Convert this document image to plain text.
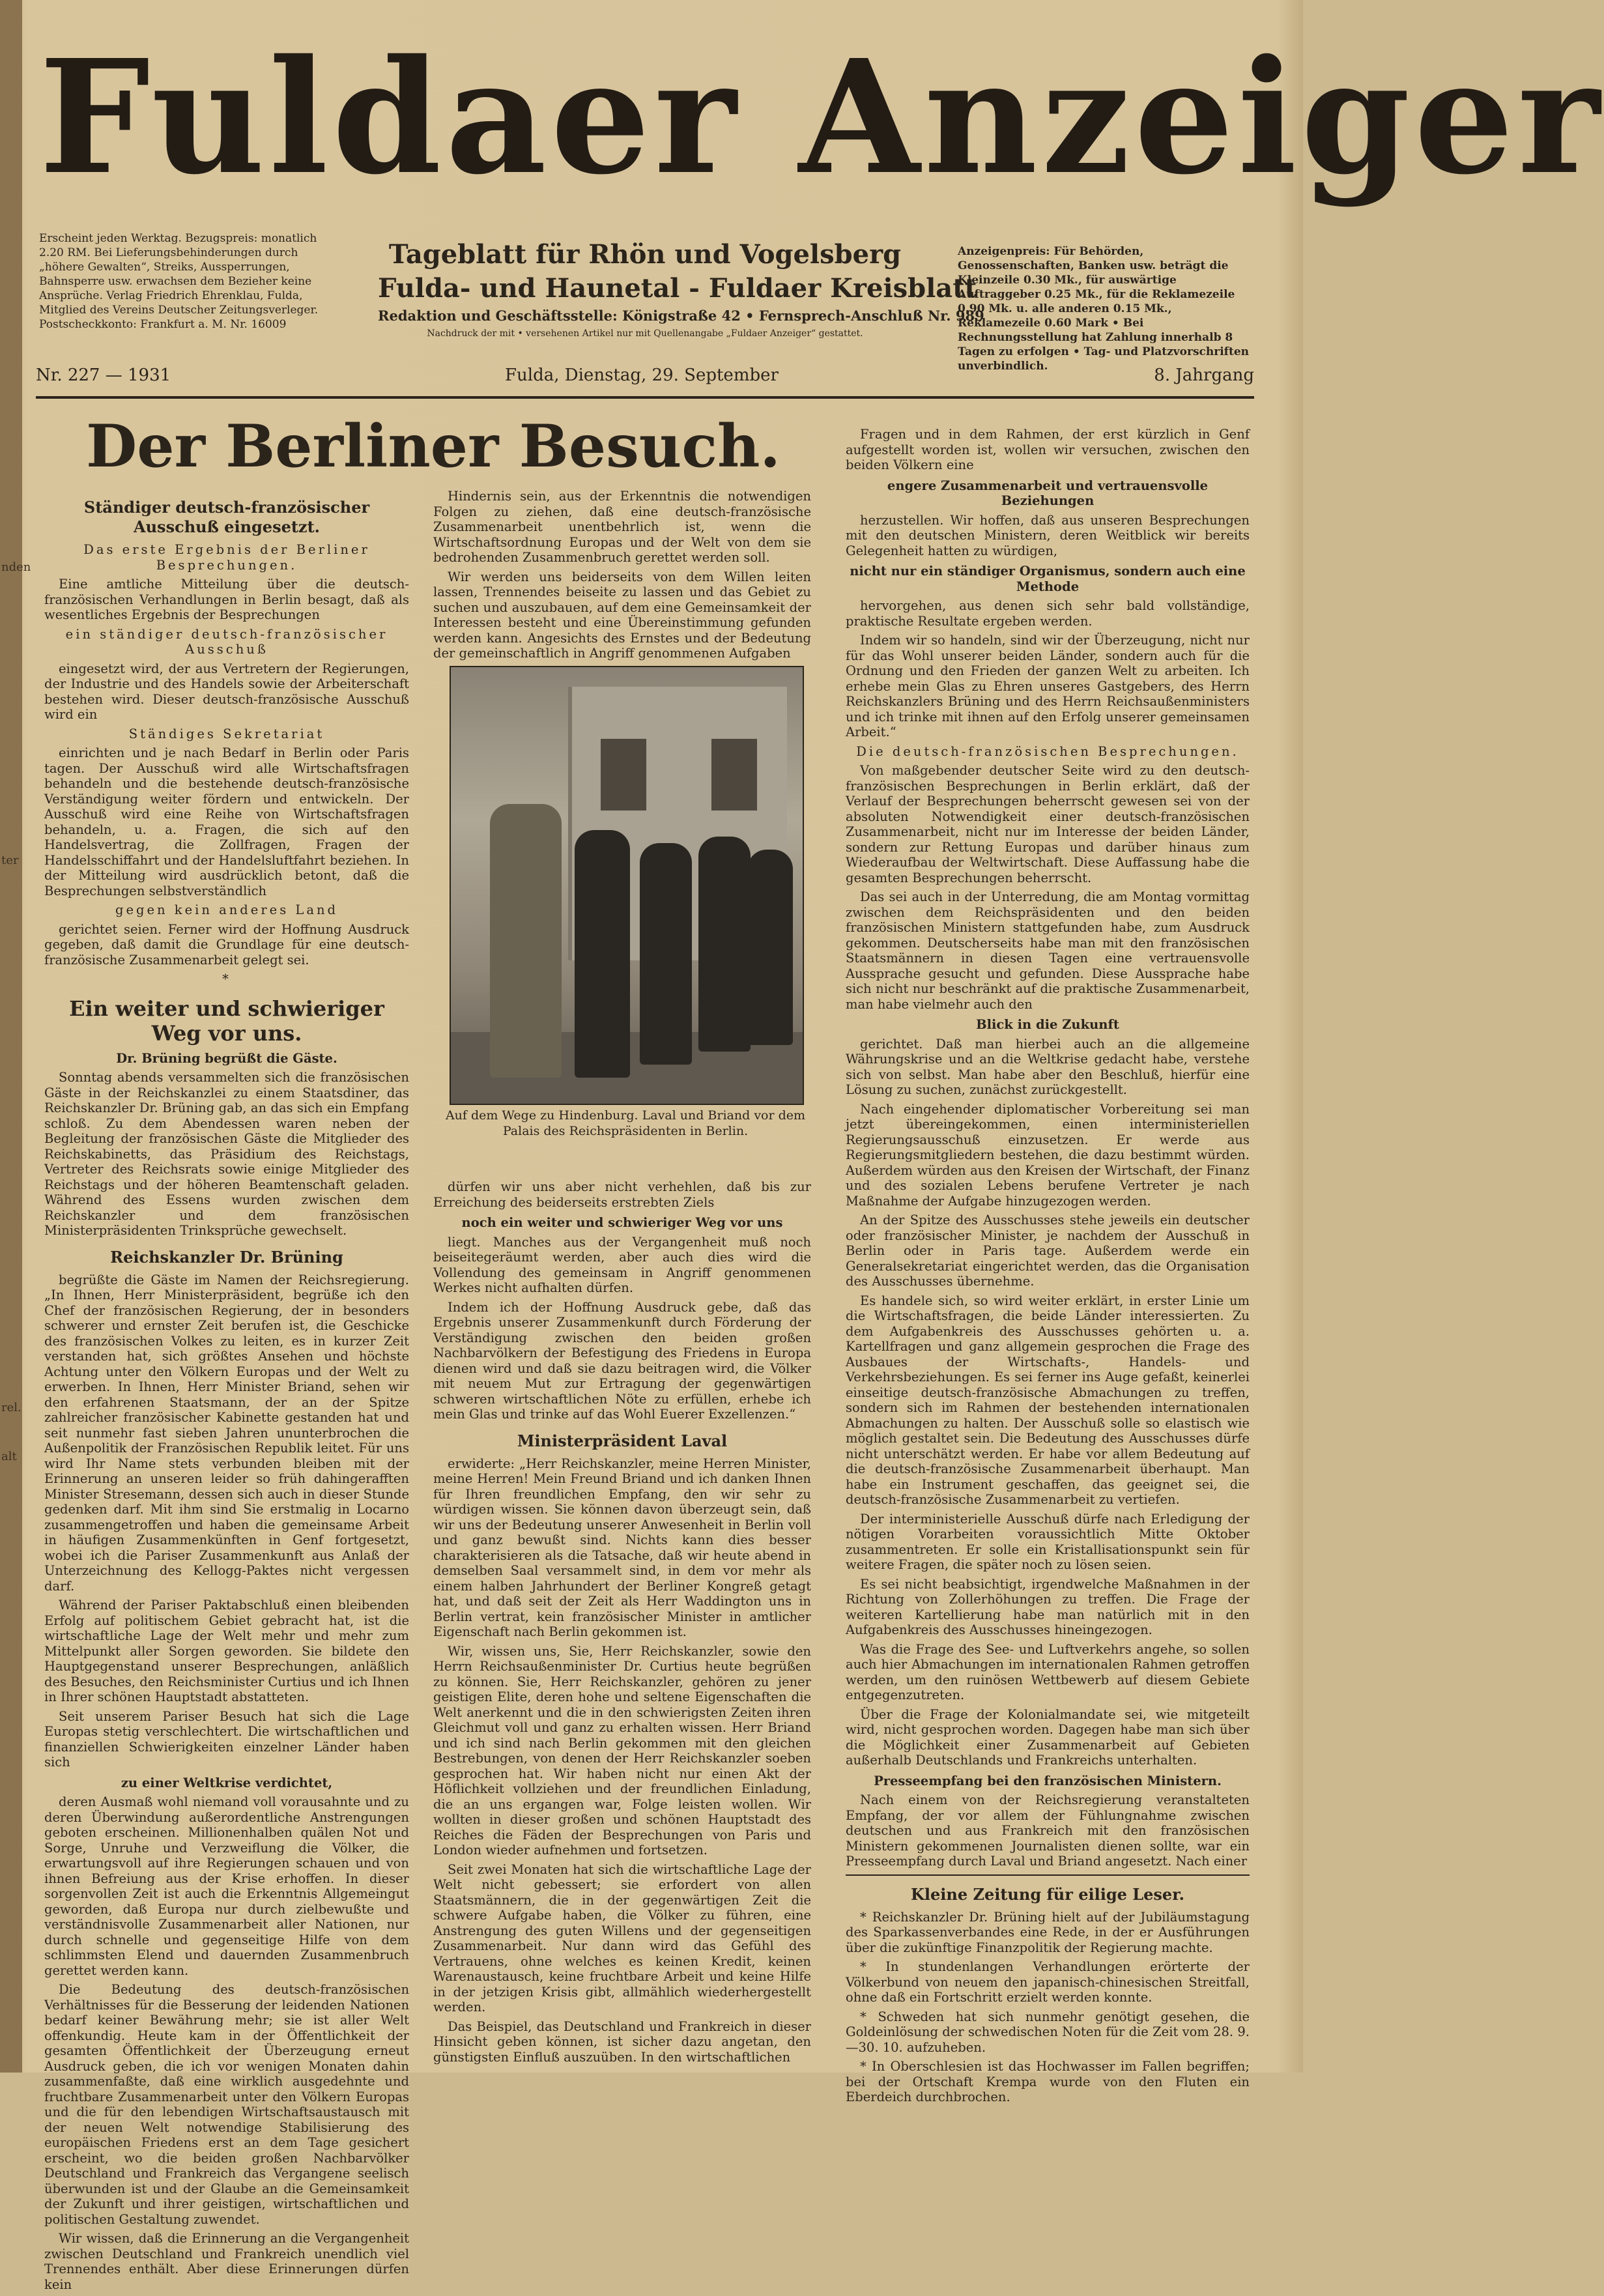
nden
ter
rel.
alt
Fuldaer Anzeiger
Erscheint jeden Werktag. Bezugspreis: monatlich 2.20 RM. Bei Lieferungsbehinderungen durch „höhere Gewalten“, Streiks, Aussperrungen, Bahnsperre usw. erwachsen dem Bezieher keine Ansprüche. Verlag Friedrich Ehrenklau, Fulda, Mitglied des Vereins Deutscher Zeitungsverleger. Postscheckkonto: Frankfurt a. M. Nr. 16009
Tageblatt für Rhön und Vogelsberg
Fulda- und Haunetal - Fuldaer Kreisblatt
Redaktion und Geschäftsstelle: Königstraße 42 • Fernsprech-Anschluß Nr. 989
Nachdruck der mit • versehenen Artikel nur mit Quellenangabe „Fuldaer Anzeiger“ gestattet.
Anzeigenpreis: Für Behörden, Genossenschaften, Banken usw. beträgt die Kleinzeile 0.30 Mk., für auswärtige Auftraggeber 0.25 Mk., für die Reklamezeile 0.90 Mk. u. alle anderen 0.15 Mk., Reklamezeile 0.60 Mark • Bei Rechnungsstellung hat Zahlung innerhalb 8 Tagen zu erfolgen • Tag- und Platzvorschriften unverbindlich.
Nr. 227 — 1931	Fulda, Dienstag, 29. September	8. Jahrgang
Der Berliner Besuch.
Ständiger deutsch-französischer Ausschuß eingesetzt.
Das erste Ergebnis der Berliner Besprechungen.

Eine amtliche Mitteilung über die deutsch-französischen Verhandlungen in Berlin besagt, daß als wesentliches Ergebnis der Besprechungen

ein ständiger deutsch-französischer Ausschuß

eingesetzt wird, der aus Vertretern der Regierungen, der Industrie und des Handels sowie der Arbeiterschaft bestehen wird. Dieser deutsch-französische Ausschuß wird ein

Ständiges Sekretariat

einrichten und je nach Bedarf in Berlin oder Paris tagen. Der Ausschuß wird alle Wirtschaftsfragen behandeln und die bestehende deutsch-französische Verständigung weiter fördern und entwickeln. Der Ausschuß wird eine Reihe von Wirtschaftsfragen behandeln, u. a. Fragen, die sich auf den Handelsvertrag, die Zollfragen, Fragen der Handelsschiffahrt und der Handelsluftfahrt beziehen. In der Mitteilung wird ausdrücklich betont, daß die Besprechungen selbstverständlich

gegen kein anderes Land

gerichtet seien. Ferner wird der Hoffnung Ausdruck gegeben, daß damit die Grundlage für eine deutsch-französische Zusammenarbeit gelegt sei.

*
Ein weiter und schwieriger Weg vor uns.
Dr. Brüning begrüßt die Gäste.

Sonntag abends versammelten sich die französischen Gäste in der Reichskanzlei zu einem Staatsdiner, das Reichskanzler Dr. Brüning gab, an das sich ein Empfang schloß. Zu dem Abendessen waren neben der Begleitung der französischen Gäste die Mitglieder des Reichskabinetts, das Präsidium des Reichstags, Vertreter des Reichsrats sowie einige Mitglieder des Reichstags und der höheren Beamtenschaft geladen. Während des Essens wurden zwischen dem Reichskanzler und dem französischen Ministerpräsidenten Trinksprüche gewechselt.

Reichskanzler Dr. Brüning

begrüßte die Gäste im Namen der Reichsregierung. „In Ihnen, Herr Ministerpräsident, begrüße ich den Chef der französischen Regierung, der in besonders schwerer und ernster Zeit berufen ist, die Geschicke des französischen Volkes zu leiten, es in kurzer Zeit verstanden hat, sich größtes Ansehen und höchste Achtung unter den Völkern Europas und der Welt zu erwerben. In Ihnen, Herr Minister Briand, sehen wir den erfahrenen Staatsmann, der an der Spitze zahlreicher französischer Kabinette gestanden hat und seit nunmehr fast sieben Jahren ununterbrochen die Außenpolitik der Französischen Republik leitet. Für uns wird Ihr Name stets verbunden bleiben mit der Erinnerung an unseren leider so früh dahingerafften Minister Stresemann, dessen sich auch in dieser Stunde gedenken darf. Mit ihm sind Sie erstmalig in Locarno zusammengetroffen und haben die gemeinsame Arbeit in häufigen Zusammenkünften in Genf fortgesetzt, wobei ich die Pariser Zusammenkunft aus Anlaß der Unterzeichnung des Kellogg-Paktes nicht vergessen darf.

Während der Pariser Paktabschluß einen bleibenden Erfolg auf politischem Gebiet gebracht hat, ist die wirtschaftliche Lage der Welt mehr und mehr zum Mittelpunkt aller Sorgen geworden. Sie bildete den Hauptgegenstand unserer Besprechungen, anläßlich des Besuches, den Reichsminister Curtius und ich Ihnen in Ihrer schönen Hauptstadt abstatteten.

Seit unserem Pariser Besuch hat sich die Lage Europas stetig verschlechtert. Die wirtschaftlichen und finanziellen Schwierigkeiten einzelner Länder haben sich

zu einer Weltkrise verdichtet,

deren Ausmaß wohl niemand voll vorausahnte und zu deren Überwindung außerordentliche Anstrengungen geboten erscheinen. Millionenhalben quälen Not und Sorge, Unruhe und Verzweiflung die Völker, die erwartungsvoll auf ihre Regierungen schauen und von ihnen Befreiung aus der Krise erhoffen. In dieser sorgenvollen Zeit ist auch die Erkenntnis Allgemeingut geworden, daß Europa nur durch zielbewußte und verständnisvolle Zusammenarbeit aller Nationen, nur durch schnelle und gegenseitige Hilfe von dem schlimmsten Elend und dauernden Zusammenbruch gerettet werden kann.

Die Bedeutung des deutsch-französischen Verhältnisses für die Besserung der leidenden Nationen bedarf keiner Bewährung mehr; sie ist aller Welt offenkundig. Heute kam in der Öffentlichkeit der gesamten Öffentlichkeit der Überzeugung erneut Ausdruck geben, die ich vor wenigen Monaten dahin zusammenfaßte, daß eine wirklich ausgedehnte und fruchtbare Zusammenarbeit unter den Völkern Europas und die für den lebendigen Wirtschaftsaustausch mit der neuen Welt notwendige Stabilisierung des europäischen Friedens erst an dem Tage gesichert erscheint, wo die beiden großen Nachbarvölker Deutschland und Frankreich das Vergangene seelisch überwunden ist und der Glaube an die Gemeinsamkeit der Zukunft und ihrer geistigen, wirtschaftlichen und politischen Gestaltung zuwendet.

Wir wissen, daß die Erinnerung an die Vergangenheit zwischen Deutschland und Frankreich unendlich viel Trennendes enthält. Aber diese Erinnerungen dürfen kein

Hindernis sein, aus der Erkenntnis die notwendigen Folgen zu ziehen, daß eine deutsch-französische Zusammenarbeit unentbehrlich ist, wenn die Wirtschaftsordnung Europas und der Welt von dem sie bedrohenden Zusammenbruch gerettet werden soll.

Wir werden uns beiderseits von dem Willen leiten lassen, Trennendes beiseite zu lassen und das Gebiet zu suchen und auszubauen, auf dem eine Gemeinsamkeit der Interessen besteht und eine Übereinstimmung gefunden werden kann. Angesichts des Ernstes und der Bedeutung der gemeinschaftlich in Angriff genommenen Aufgaben

Auf dem Wege zu Hindenburg. Laval und Briand vor dem Palais des Reichspräsidenten in Berlin.

dürfen wir uns aber nicht verhehlen, daß bis zur Erreichung des beiderseits erstrebten Ziels

noch ein weiter und schwieriger Weg vor uns

liegt. Manches aus der Vergangenheit muß noch beiseitegeräumt werden, aber auch dies wird die Vollendung des gemeinsam in Angriff genommenen Werkes nicht aufhalten dürfen.

Indem ich der Hoffnung Ausdruck gebe, daß das Ergebnis unserer Zusammenkunft durch Förderung der Verständigung zwischen den beiden großen Nachbarvölkern der Befestigung des Friedens in Europa dienen wird und daß sie dazu beitragen wird, die Völker mit neuem Mut zur Ertragung der gegenwärtigen schweren wirtschaftlichen Nöte zu erfüllen, erhebe ich mein Glas und trinke auf das Wohl Euerer Exzellenzen.“

Ministerpräsident Laval

erwiderte: „Herr Reichskanzler, meine Herren Minister, meine Herren! Mein Freund Briand und ich danken Ihnen für Ihren freundlichen Empfang, den wir sehr zu würdigen wissen. Sie können davon überzeugt sein, daß wir uns der Bedeutung unserer Anwesenheit in Berlin voll und ganz bewußt sind. Nichts kann dies besser charakterisieren als die Tatsache, daß wir heute abend in demselben Saal versammelt sind, in dem vor mehr als einem halben Jahrhundert der Berliner Kongreß getagt hat, und daß seit der Zeit als Herr Waddington uns in Berlin vertrat, kein französischer Minister in amtlicher Eigenschaft nach Berlin gekommen ist.

Wir, wissen uns, Sie, Herr Reichskanzler, sowie den Herrn Reichsaußenminister Dr. Curtius heute begrüßen zu können. Sie, Herr Reichskanzler, gehören zu jener geistigen Elite, deren hohe und seltene Eigenschaften die Welt anerkennt und die in den schwierigsten Zeiten ihren Gleichmut voll und ganz zu erhalten wissen. Herr Briand und ich sind nach Berlin gekommen mit den gleichen Bestrebungen, von denen der Herr Reichskanzler soeben gesprochen hat. Wir haben nicht nur einen Akt der Höflichkeit vollziehen und der freundlichen Einladung, die an uns ergangen war, Folge leisten wollen. Wir wollten in dieser großen und schönen Hauptstadt des Reiches die Fäden der Besprechungen von Paris und London wieder aufnehmen und fortsetzen.

Seit zwei Monaten hat sich die wirtschaftliche Lage der Welt nicht gebessert; sie erfordert von allen Staatsmännern, die in der gegenwärtigen Zeit die schwere Aufgabe haben, die Völker zu führen, eine Anstrengung des guten Willens und der gegenseitigen Zusammenarbeit. Nur dann wird das Gefühl des Vertrauens, ohne welches es keinen Kredit, keinen Warenaustausch, keine fruchtbare Arbeit und keine Hilfe in der jetzigen Krisis gibt, allmählich wiederhergestellt werden.

Das Beispiel, das Deutschland und Frankreich in dieser Hinsicht geben können, ist sicher dazu angetan, den günstigsten Einfluß auszuüben. In den wirtschaftlichen

Fragen und in dem Rahmen, der erst kürzlich in Genf aufgestellt worden ist, wollen wir versuchen, zwischen den beiden Völkern eine

engere Zusammenarbeit und vertrauensvolle Beziehungen

herzustellen. Wir hoffen, daß aus unseren Besprechungen mit den deutschen Ministern, deren Weitblick wir bereits Gelegenheit hatten zu würdigen,

nicht nur ein ständiger Organismus, sondern auch eine Methode

hervorgehen, aus denen sich sehr bald vollständige, praktische Resultate ergeben werden.

Indem wir so handeln, sind wir der Überzeugung, nicht nur für das Wohl unserer beiden Länder, sondern auch für die Ordnung und den Frieden der ganzen Welt zu arbeiten. Ich erhebe mein Glas zu Ehren unseres Gastgebers, des Herrn Reichskanzlers Brüning und des Herrn Reichsaußenministers und ich trinke mit ihnen auf den Erfolg unserer gemeinsamen Arbeit.“

Die deutsch-französischen Besprechungen.

Von maßgebender deutscher Seite wird zu den deutsch-französischen Besprechungen in Berlin erklärt, daß der Verlauf der Besprechungen beherrscht gewesen sei von der absoluten Notwendigkeit einer deutsch-französischen Zusammenarbeit, nicht nur im Interesse der beiden Länder, sondern zur Rettung Europas und darüber hinaus zum Wiederaufbau der Weltwirtschaft. Diese Auffassung habe die gesamten Besprechungen beherrscht.

Das sei auch in der Unterredung, die am Montag vormittag zwischen dem Reichspräsidenten und den beiden französischen Ministern stattgefunden habe, zum Ausdruck gekommen. Deutscherseits habe man mit den französischen Staatsmännern in diesen Tagen eine vertrauensvolle Aussprache gesucht und gefunden. Diese Aussprache habe sich nicht nur beschränkt auf die praktische Zusammenarbeit, man habe vielmehr auch den

Blick in die Zukunft

gerichtet. Daß man hierbei auch an die allgemeine Währungskrise und an die Weltkrise gedacht habe, verstehe sich von selbst. Man habe aber den Beschluß, hierfür eine Lösung zu suchen, zunächst zurückgestellt.

Nach eingehender diplomatischer Vorbereitung sei man jetzt übereingekommen, einen interministeriellen Regierungsausschuß einzusetzen. Er werde aus Regierungsmitgliedern bestehen, die dazu bestimmt würden. Außerdem würden aus den Kreisen der Wirtschaft, der Finanz und des sozialen Lebens berufene Vertreter je nach Maßnahme der Aufgabe hinzugezogen werden.

An der Spitze des Ausschusses stehe jeweils ein deutscher oder französischer Minister, je nachdem der Ausschuß in Berlin oder in Paris tage. Außerdem werde ein Generalsekretariat eingerichtet werden, das die Organisation des Ausschusses übernehme.

Es handele sich, so wird weiter erklärt, in erster Linie um die Wirtschaftsfragen, die beide Länder interessierten. Zu dem Aufgabenkreis des Ausschusses gehörten u. a. Kartellfragen und ganz allgemein gesprochen die Frage des Ausbaues der Wirtschafts-, Handels- und Verkehrsbeziehungen. Es sei ferner ins Auge gefaßt, keinerlei einseitige deutsch-französische Abmachungen zu treffen, sondern sich im Rahmen der bestehenden internationalen Abmachungen zu halten. Der Ausschuß solle so elastisch wie möglich gestaltet sein. Die Bedeutung des Ausschusses dürfe nicht unterschätzt werden. Er habe vor allem Bedeutung auf die deutsch-französische Zusammenarbeit überhaupt. Man habe ein Instrument geschaffen, das geeignet sei, die deutsch-französische Zusammenarbeit zu vertiefen.

Der interministerielle Ausschuß dürfe nach Erledigung der nötigen Vorarbeiten voraussichtlich Mitte Oktober zusammentreten. Er solle ein Kristallisationspunkt sein für weitere Fragen, die später noch zu lösen seien.

Es sei nicht beabsichtigt, irgendwelche Maßnahmen in der Richtung von Zollerhöhungen zu treffen. Die Frage der weiteren Kartellierung habe man natürlich mit in den Aufgabenkreis des Ausschusses hineingezogen.

Was die Frage des See- und Luftverkehrs angehe, so sollen auch hier Abmachungen im internationalen Rahmen getroffen werden, um den ruinösen Wettbewerb auf diesem Gebiete entgegenzutreten.

Über die Frage der Kolonialmandate sei, wie mitgeteilt wird, nicht gesprochen worden. Dagegen habe man sich über die Möglichkeit einer Zusammenarbeit auf Gebieten außerhalb Deutschlands und Frankreichs unterhalten.

Presseempfang bei den französischen Ministern.

Nach einem von der Reichsregierung veranstalteten Empfang, der vor allem der Fühlungnahme zwischen deutschen und aus Frankreich mit den französischen Ministern gekommenen Journalisten dienen sollte, war ein Presseempfang durch Laval und Briand angesetzt. Nach einer

Kleine Zeitung für eilige Leser.

* Reichskanzler Dr. Brüning hielt auf der Jubiläumstagung des Sparkassenverbandes eine Rede, in der er Ausführungen über die zukünftige Finanzpolitik der Regierung machte.

* In stundenlangen Verhandlungen erörterte der Völkerbund von neuem den japanisch-chinesischen Streitfall, ohne daß ein Fortschritt erzielt werden konnte.

* Schweden hat sich nunmehr genötigt gesehen, die Goldeinlösung der schwedischen Noten für die Zeit vom 28. 9.—30. 10. aufzuheben.

* In Oberschlesien ist das Hochwasser im Fallen begriffen; bei der Ortschaft Krempa wurde von den Fluten ein Eberdeich durchbrochen.
